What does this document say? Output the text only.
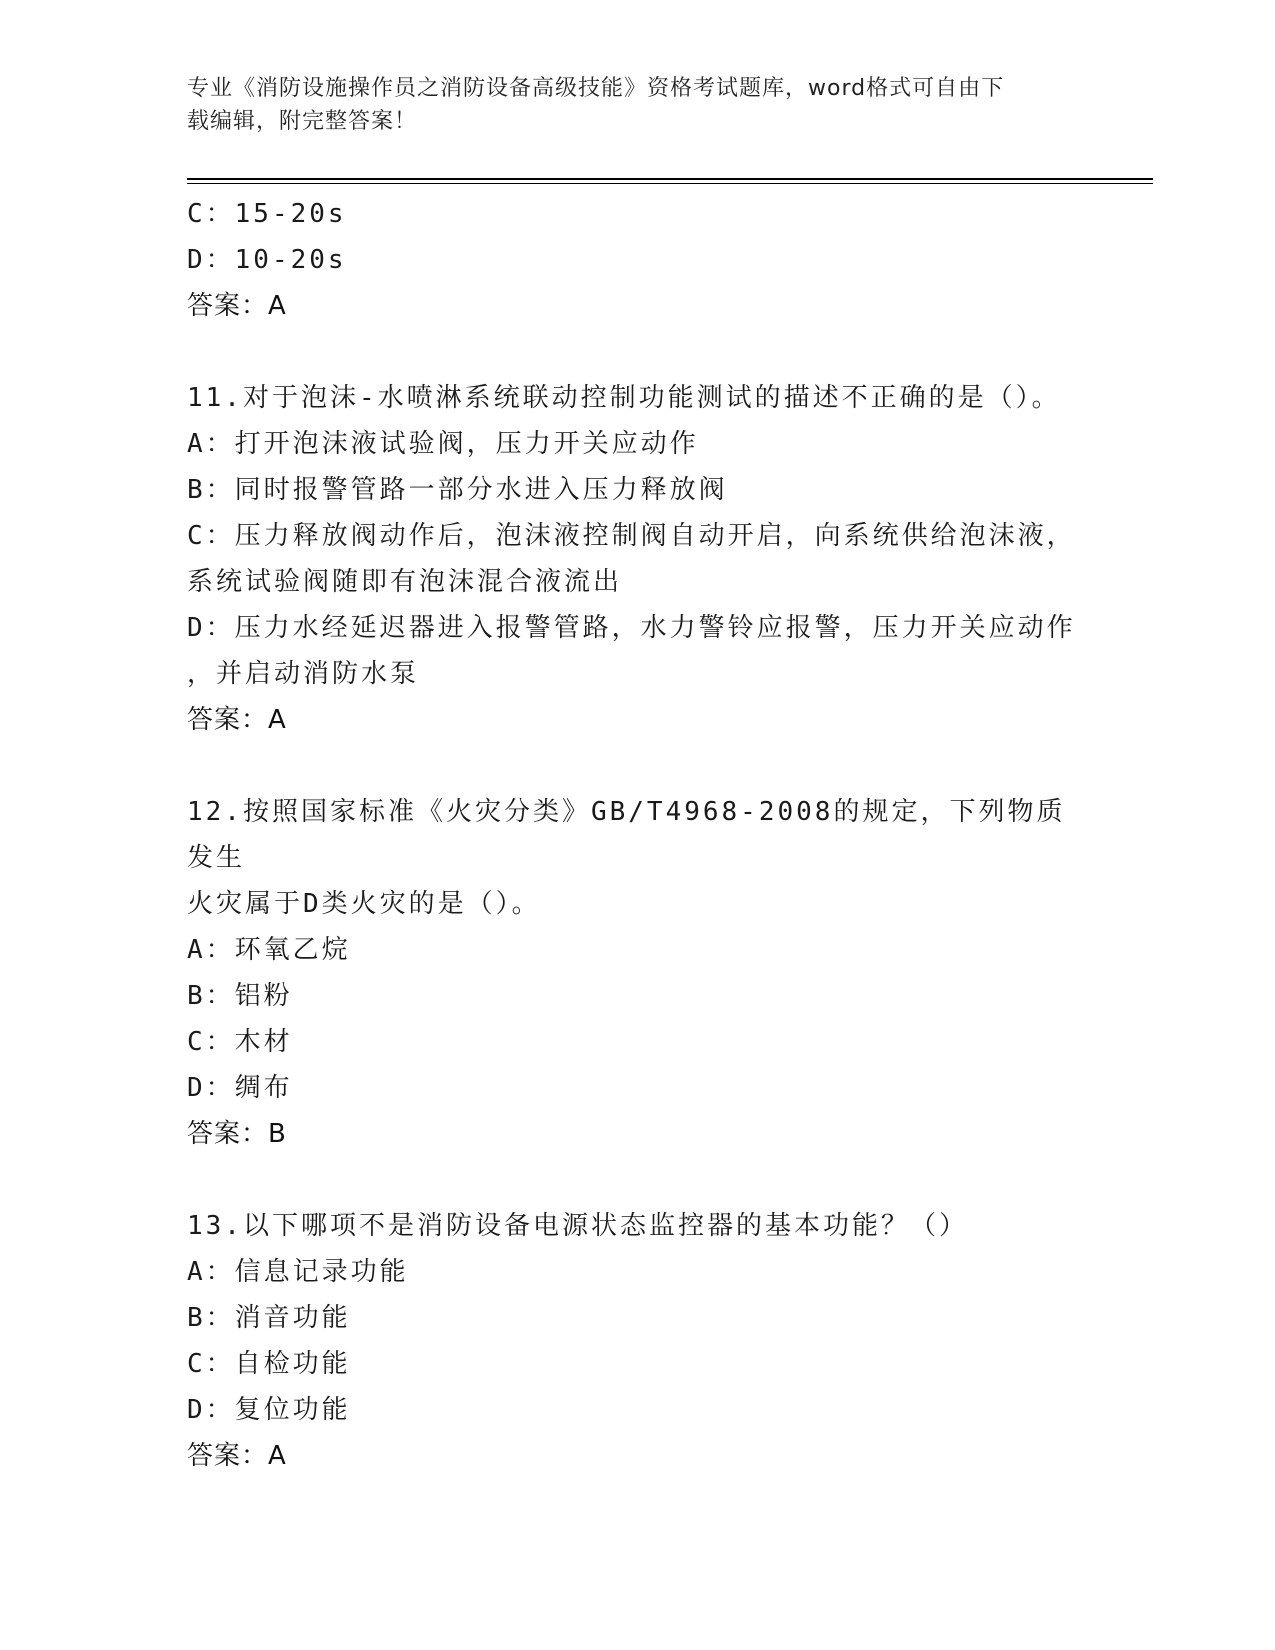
专业《消防设施操作员之消防设备高级技能》资格考试题库，word格式可自由下
载编辑，附完整答案！
C：15-20s
D：10-20s
答案：A
11.对于泡沫-水喷淋系统联动控制功能测试的描述不正确的是（）。
A：打开泡沫液试验阀，压力开关应动作
B：同时报警管路一部分水进入压力释放阀
C：压力释放阀动作后，泡沫液控制阀自动开启，向系统供给泡沫液，
系统试验阀随即有泡沫混合液流出
D：压力水经延迟器进入报警管路，水力警铃应报警，压力开关应动作
，并启动消防水泵
答案：A
12.按照国家标准《火灾分类》GB/T4968-2008的规定，下列物质发生
火灾属于D类火灾的是（）。
A：环氧乙烷
B：铝粉
C：木材
D：绸布
答案：B
13.以下哪项不是消防设备电源状态监控器的基本功能？（）
A：信息记录功能
B：消音功能
C：自检功能
D：复位功能
答案：A
